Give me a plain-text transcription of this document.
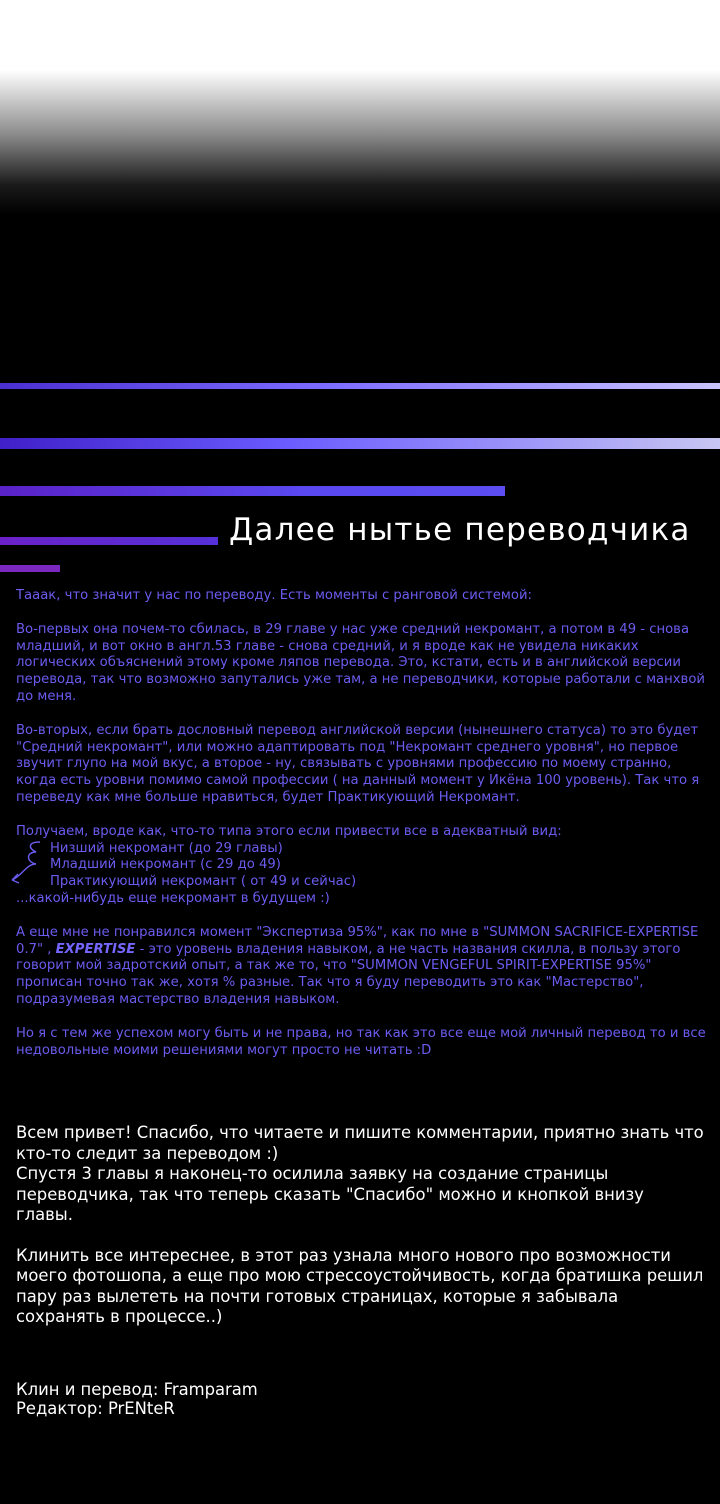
Далее нытье переводчика

Тааак, что значит у нас по переводу. Есть моменты с ранговой системой:

Во-первых она почем-то сбилась, в 29 главе у нас уже средний некромант, а потом в 49 - снова младший, и вот окно в англ.53 главе - снова средний, и я вроде как не увидела никаких логических объяснений этому кроме ляпов перевода. Это, кстати, есть и в английской версии перевода, так что возможно запутались уже там, а не переводчики, которые работали с манхвой до меня.

Во-вторых, если брать дословный перевод английской версии (нынешнего статуса) то это будет "Средний некромант", или можно адаптировать под "Некромант среднего уровня", но первое звучит глупо на мой вкус, а второе - ну, связывать с уровнями профессию по моему странно, когда есть уровни помимо самой профессии ( на данный момент у Икёна 100 уровень). Так что я переведу как мне больше нравиться, будет Практикующий Некромант.

Получаем, вроде как, что-то типа этого если привести все в адекватный вид:
Низший некромант (до 29 главы)
Младший некромант (с 29 до 49)
Практикующий некромант ( от 49 и сейчас)
...какой-нибудь еще некромант в будущем :)

А еще мне не понравился момент "Экспертиза 95%", как по мне в "SUMMON SACRIFICE-EXPERTISE 0.7" , EXPERTISE - это уровень владения навыком, а не часть названия скилла, в пользу этого говорит мой задротский опыт, а так же то, что "SUMMON VENGEFUL SPIRIT-EXPERTISE 95%" прописан точно так же, хотя % разные. Так что я буду переводить это как "Мастерство", подразумевая мастерство владения навыком.

Но я с тем же успехом могу быть и не права, но так как это все еще мой личный перевод то и все недовольные моими решениями могут просто не читать :D

Всем привет! Спасибо, что читаете и пишите комментарии, приятно знать что кто-то следит за переводом :)
Спустя 3 главы я наконец-то осилила заявку на создание страницы переводчика, так что теперь сказать "Спасибо" можно и кнопкой внизу главы.

Клинить все интереснее, в этот раз узнала много нового про возможности моего фотошопа, а еще про мою стрессоустойчивость, когда братишка решил пару раз вылететь на почти готовых страницах, которые я забывала сохранять в процессе..)

Клин и перевод: Framparam
Редактор: PrENteR
